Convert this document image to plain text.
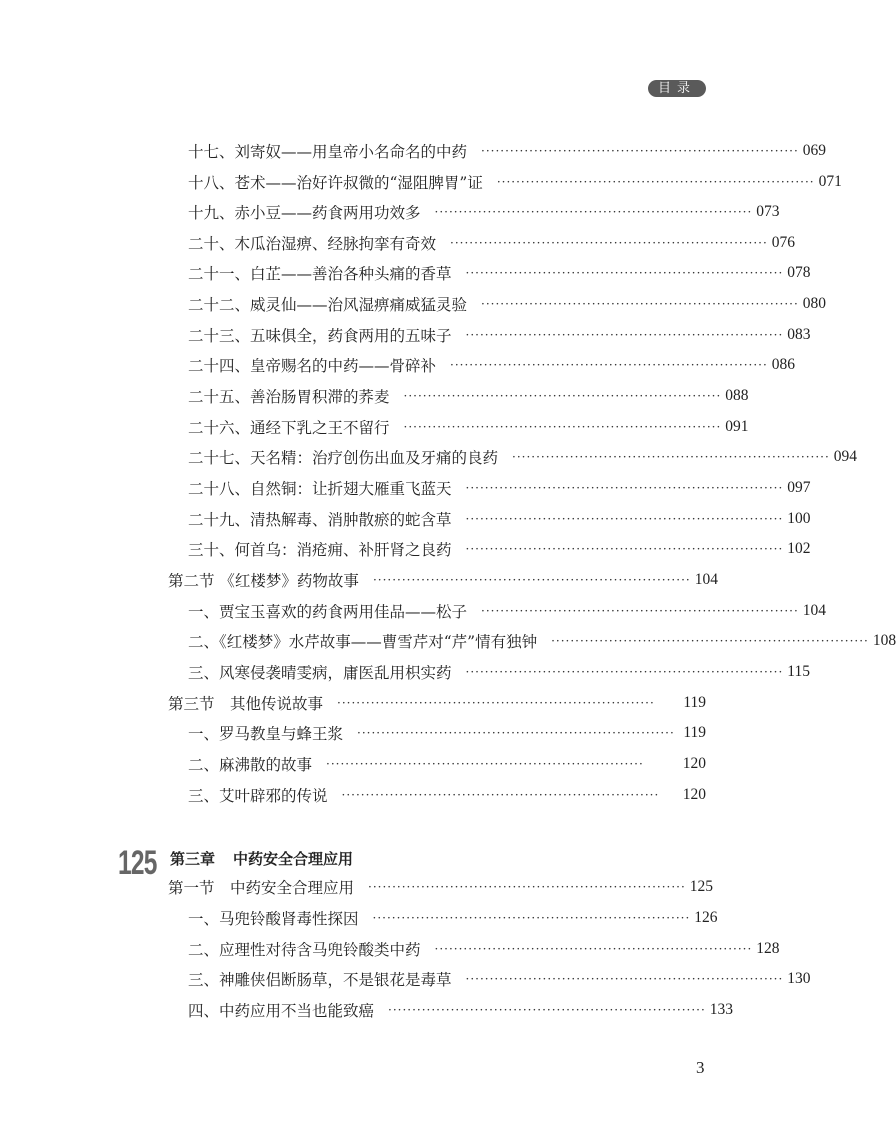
目录
十七、刘寄奴——用皇帝小名命名的中药 ·································································· 069
十八、苍术——治好许叔微的“湿阻脾胃”证 ·································································· 071
十九、赤小豆——药食两用功效多 ·································································· 073
二十、木瓜治湿痹、经脉拘挛有奇效 ·································································· 076
二十一、白芷——善治各种头痛的香草 ·································································· 078
二十二、威灵仙——治风湿痹痛威猛灵验 ·································································· 080
二十三、五味俱全，药食两用的五味子 ·································································· 083
二十四、皇帝赐名的中药——骨碎补 ·································································· 086
二十五、善治肠胃积滞的荞麦 ·································································· 088
二十六、通经下乳之王不留行 ·································································· 091
二十七、天名精：治疗创伤出血及牙痛的良药 ·································································· 094
二十八、自然铜：让折翅大雁重飞蓝天 ·································································· 097
二十九、清热解毒、消肿散瘀的蛇含草 ·································································· 100
三十、何首乌：消疮痈、补肝肾之良药 ·································································· 102
第二节 《红楼梦》药物故事 ·································································· 104
一、贾宝玉喜欢的药食两用佳品——松子 ·································································· 104
二、《红楼梦》水芹故事——曹雪芹对“芹”情有独钟 ·································································· 108
三、风寒侵袭晴雯病，庸医乱用枳实药 ·································································· 115
第三节　其他传说故事 ··································································	119
一、罗马教皇与蜂王浆 ·································································· 119
二、麻沸散的故事 ··································································	120
三、艾叶辟邪的传说 ··································································	120
125 第三章 中药安全合理应用
第一节　中药安全合理应用 ·································································· 125
一、马兜铃酸肾毒性探因 ·································································· 126
二、应理性对待含马兜铃酸类中药 ·································································· 128
三、神雕侠侣断肠草，不是银花是毒草 ·································································· 130
四、中药应用不当也能致癌 ·································································· 133
3
